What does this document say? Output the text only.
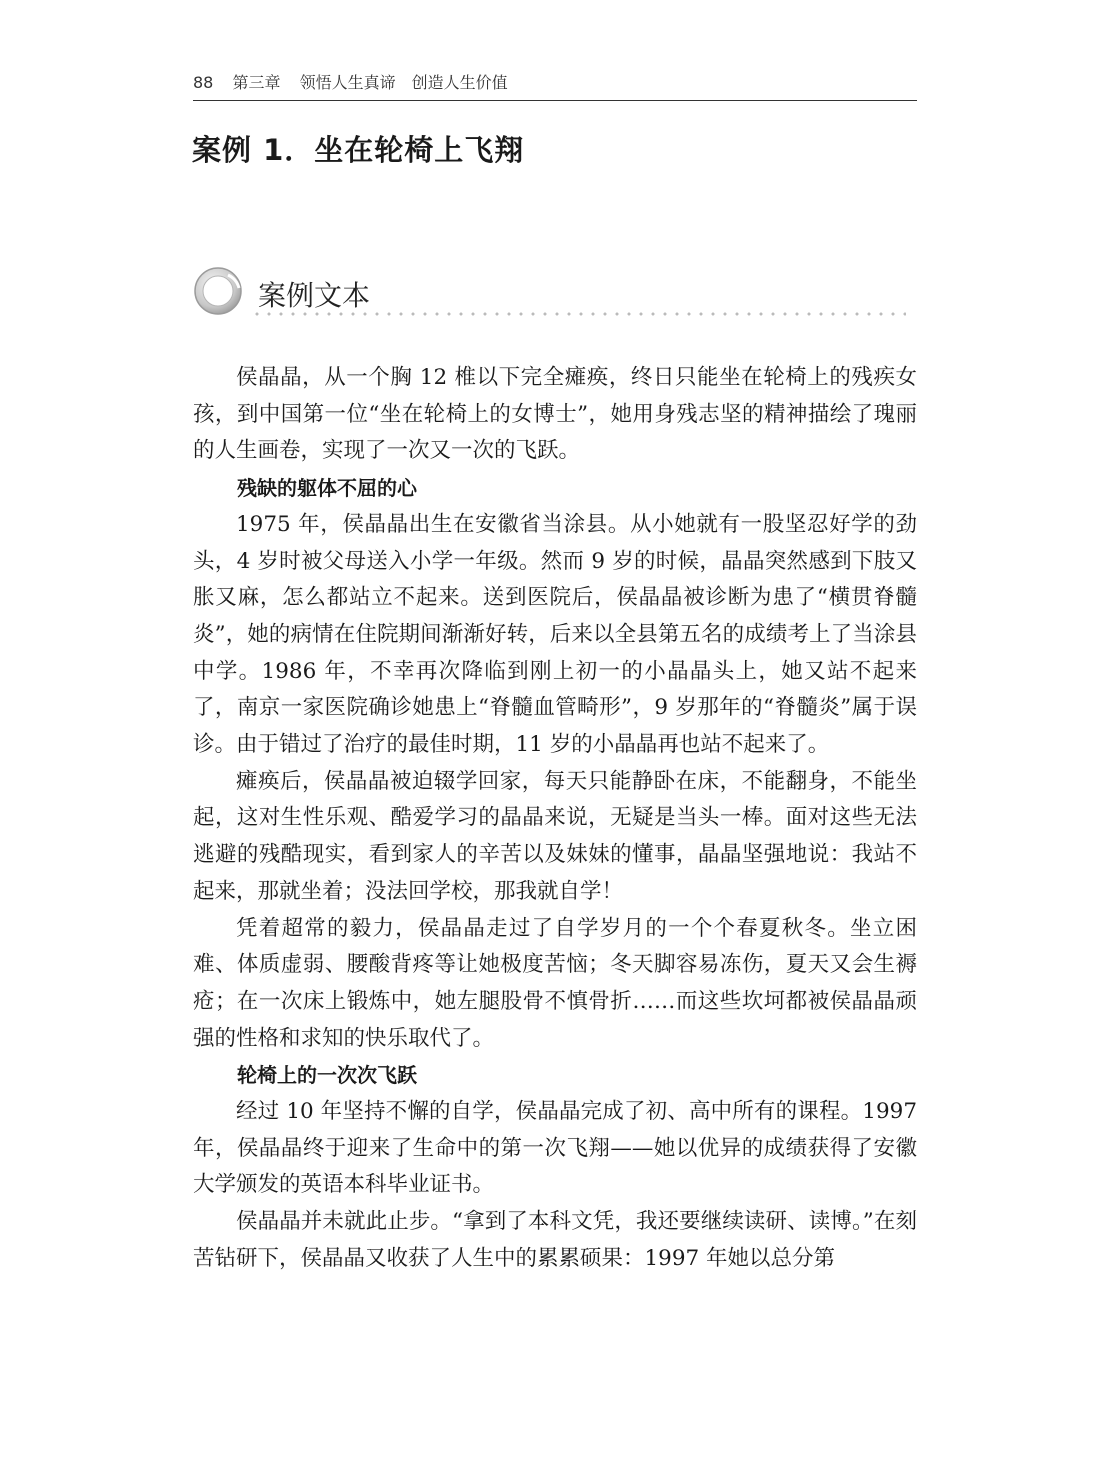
88 第三章 领悟人生真谛　创造人生价值
案例 1．坐在轮椅上飞翔
案例文本

侯晶晶，从一个胸 12 椎以下完全瘫痪，终日只能坐在轮椅上的残疾女孩，到中国第一位“坐在轮椅上的女博士”，她用身残志坚的精神描绘了瑰丽的人生画卷，实现了一次又一次的飞跃。

残缺的躯体不屈的心

1975 年，侯晶晶出生在安徽省当涂县。从小她就有一股坚忍好学的劲头，4 岁时被父母送入小学一年级。然而 9 岁的时候，晶晶突然感到下肢又胀又麻，怎么都站立不起来。送到医院后，侯晶晶被诊断为患了“横贯脊髓炎”，她的病情在住院期间渐渐好转，后来以全县第五名的成绩考上了当涂县中学。1986 年，不幸再次降临到刚上初一的小晶晶头上，她又站不起来了，南京一家医院确诊她患上“脊髓血管畸形”，9 岁那年的“脊髓炎”属于误诊。由于错过了治疗的最佳时期，11 岁的小晶晶再也站不起来了。

瘫痪后，侯晶晶被迫辍学回家，每天只能静卧在床，不能翻身，不能坐起，这对生性乐观、酷爱学习的晶晶来说，无疑是当头一棒。面对这些无法逃避的残酷现实，看到家人的辛苦以及妹妹的懂事，晶晶坚强地说：我站不起来，那就坐着；没法回学校，那我就自学！

凭着超常的毅力，侯晶晶走过了自学岁月的一个个春夏秋冬。坐立困难、体质虚弱、腰酸背疼等让她极度苦恼；冬天脚容易冻伤，夏天又会生褥疮；在一次床上锻炼中，她左腿股骨不慎骨折……而这些坎坷都被侯晶晶顽强的性格和求知的快乐取代了。

轮椅上的一次次飞跃

经过 10 年坚持不懈的自学，侯晶晶完成了初、高中所有的课程。1997 年，侯晶晶终于迎来了生命中的第一次飞翔——她以优异的成绩获得了安徽大学颁发的英语本科毕业证书。

侯晶晶并未就此止步。“拿到了本科文凭，我还要继续读研、读博。”在刻苦钻研下，侯晶晶又收获了人生中的累累硕果：1997 年她以总分第
